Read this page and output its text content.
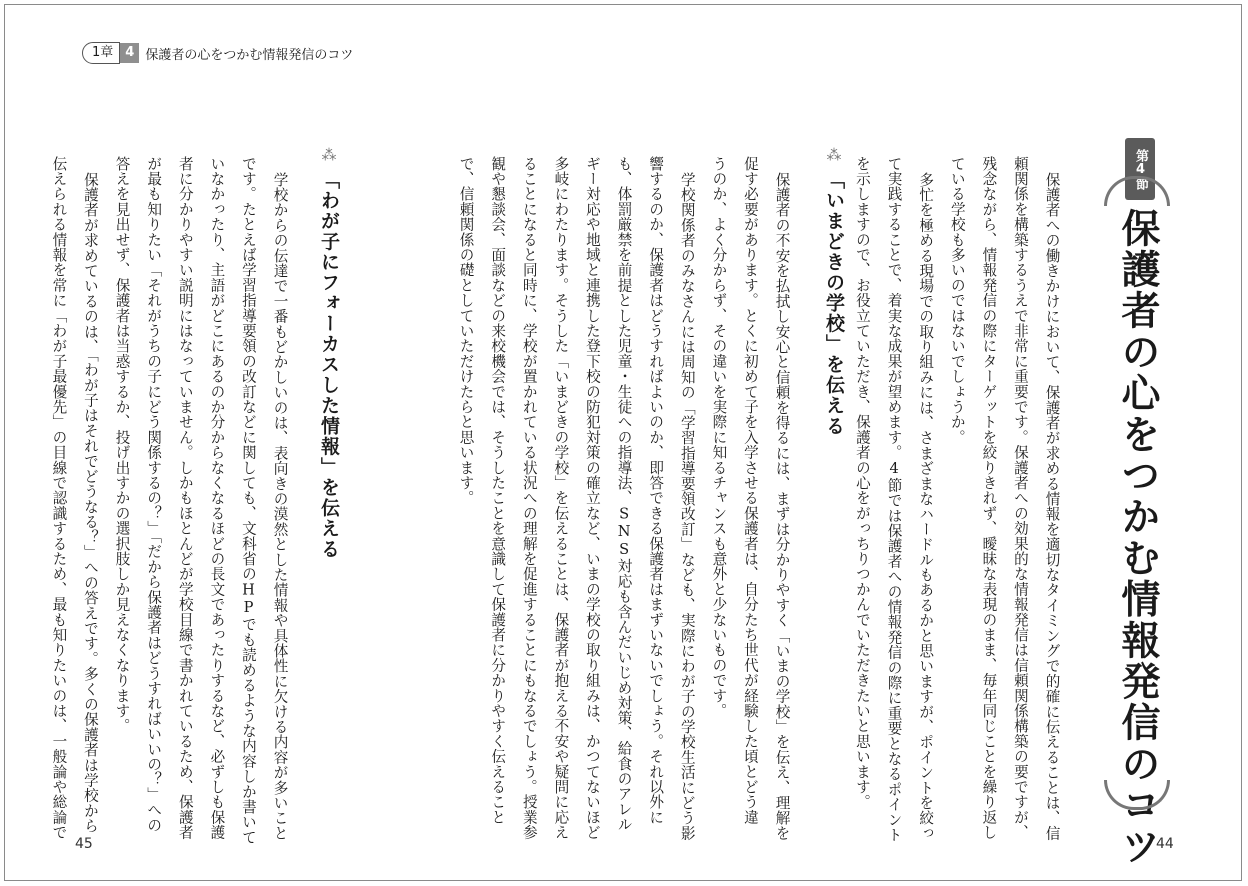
1章 4 保護者の心をつかむ情報発信のコツ
第4節
保護者の心をつかむ情報発信のコツ
保護者への働きかけにおいて、保護者が求める情報を適切なタイミングで的確に伝えることは、信
頼関係を構築するうえで非常に重要です。保護者への効果的な情報発信は信頼関係構築の要ですが、
残念ながら、情報発信の際にターゲットを絞りきれず、曖昧な表現のまま、毎年同じことを繰り返し
ている学校も多いのではないでしょうか。
多忙を極める現場での取り組みには、さまざまなハードルもあるかと思いますが、ポイントを絞っ
て実践することで、着実な成果が望めます。4節では保護者への情報発信の際に重要となるポイント
を示しますので、お役立ていただき、保護者の心をがっちりつかんでいただきたいと思います。
⁂
「いまどきの学校」を伝える
保護者の不安を払拭し安心と信頼を得るには、まずは分かりやすく「いまの学校」を伝え、理解を
促す必要があります。とくに初めて子を入学させる保護者は、自分たち世代が経験した頃とどう違
うのか、よく分からず、その違いを実際に知るチャンスも意外と少ないものです。
学校関係者のみなさんには周知の「学習指導要領改訂」なども、実際にわが子の学校生活にどう影
響するのか、保護者はどうすればよいのか、即答できる保護者はまずいないでしょう。それ以外に
も、体罰厳禁を前提とした児童・生徒への指導法、SNS対応も含んだいじめ対策、給食のアレル
ギー対応や地域と連携した登下校の防犯対策の確立など、いまの学校の取り組みは、かつてないほど
多岐にわたります。そうした「いまどきの学校」を伝えることは、保護者が抱える不安や疑問に応え
ることになると同時に、学校が置かれている状況への理解を促進することにもなるでしょう。授業参
観や懇談会、面談などの来校機会では、そうしたことを意識して保護者に分かりやすく伝えること
で、信頼関係の礎としていただけたらと思います。
⁂
「わが子にフォーカスした情報」を伝える
学校からの伝達で一番もどかしいのは、表向きの漠然とした情報や具体性に欠ける内容が多いこと
です。たとえば学習指導要領の改訂などに関しても、文科省のHPでも読めるような内容しか書いて
いなかったり、主語がどこにあるのか分からなくなるほどの長文であったりするなど、必ずしも保護
者に分かりやすい説明にはなっていません。しかもほとんどが学校目線で書かれているため、保護者
が最も知りたい「それがうちの子にどう関係するの？」「だから保護者はどうすればいいの？」への
答えを見出せず、保護者は当惑するか、投げ出すかの選択肢しか見えなくなります。
保護者が求めているのは、「わが子はそれでどうなる？」への答えです。多くの保護者は学校から
伝えられる情報を常に「わが子最優先」の目線で認識するため、最も知りたいのは、一般論や総論で
45	44
